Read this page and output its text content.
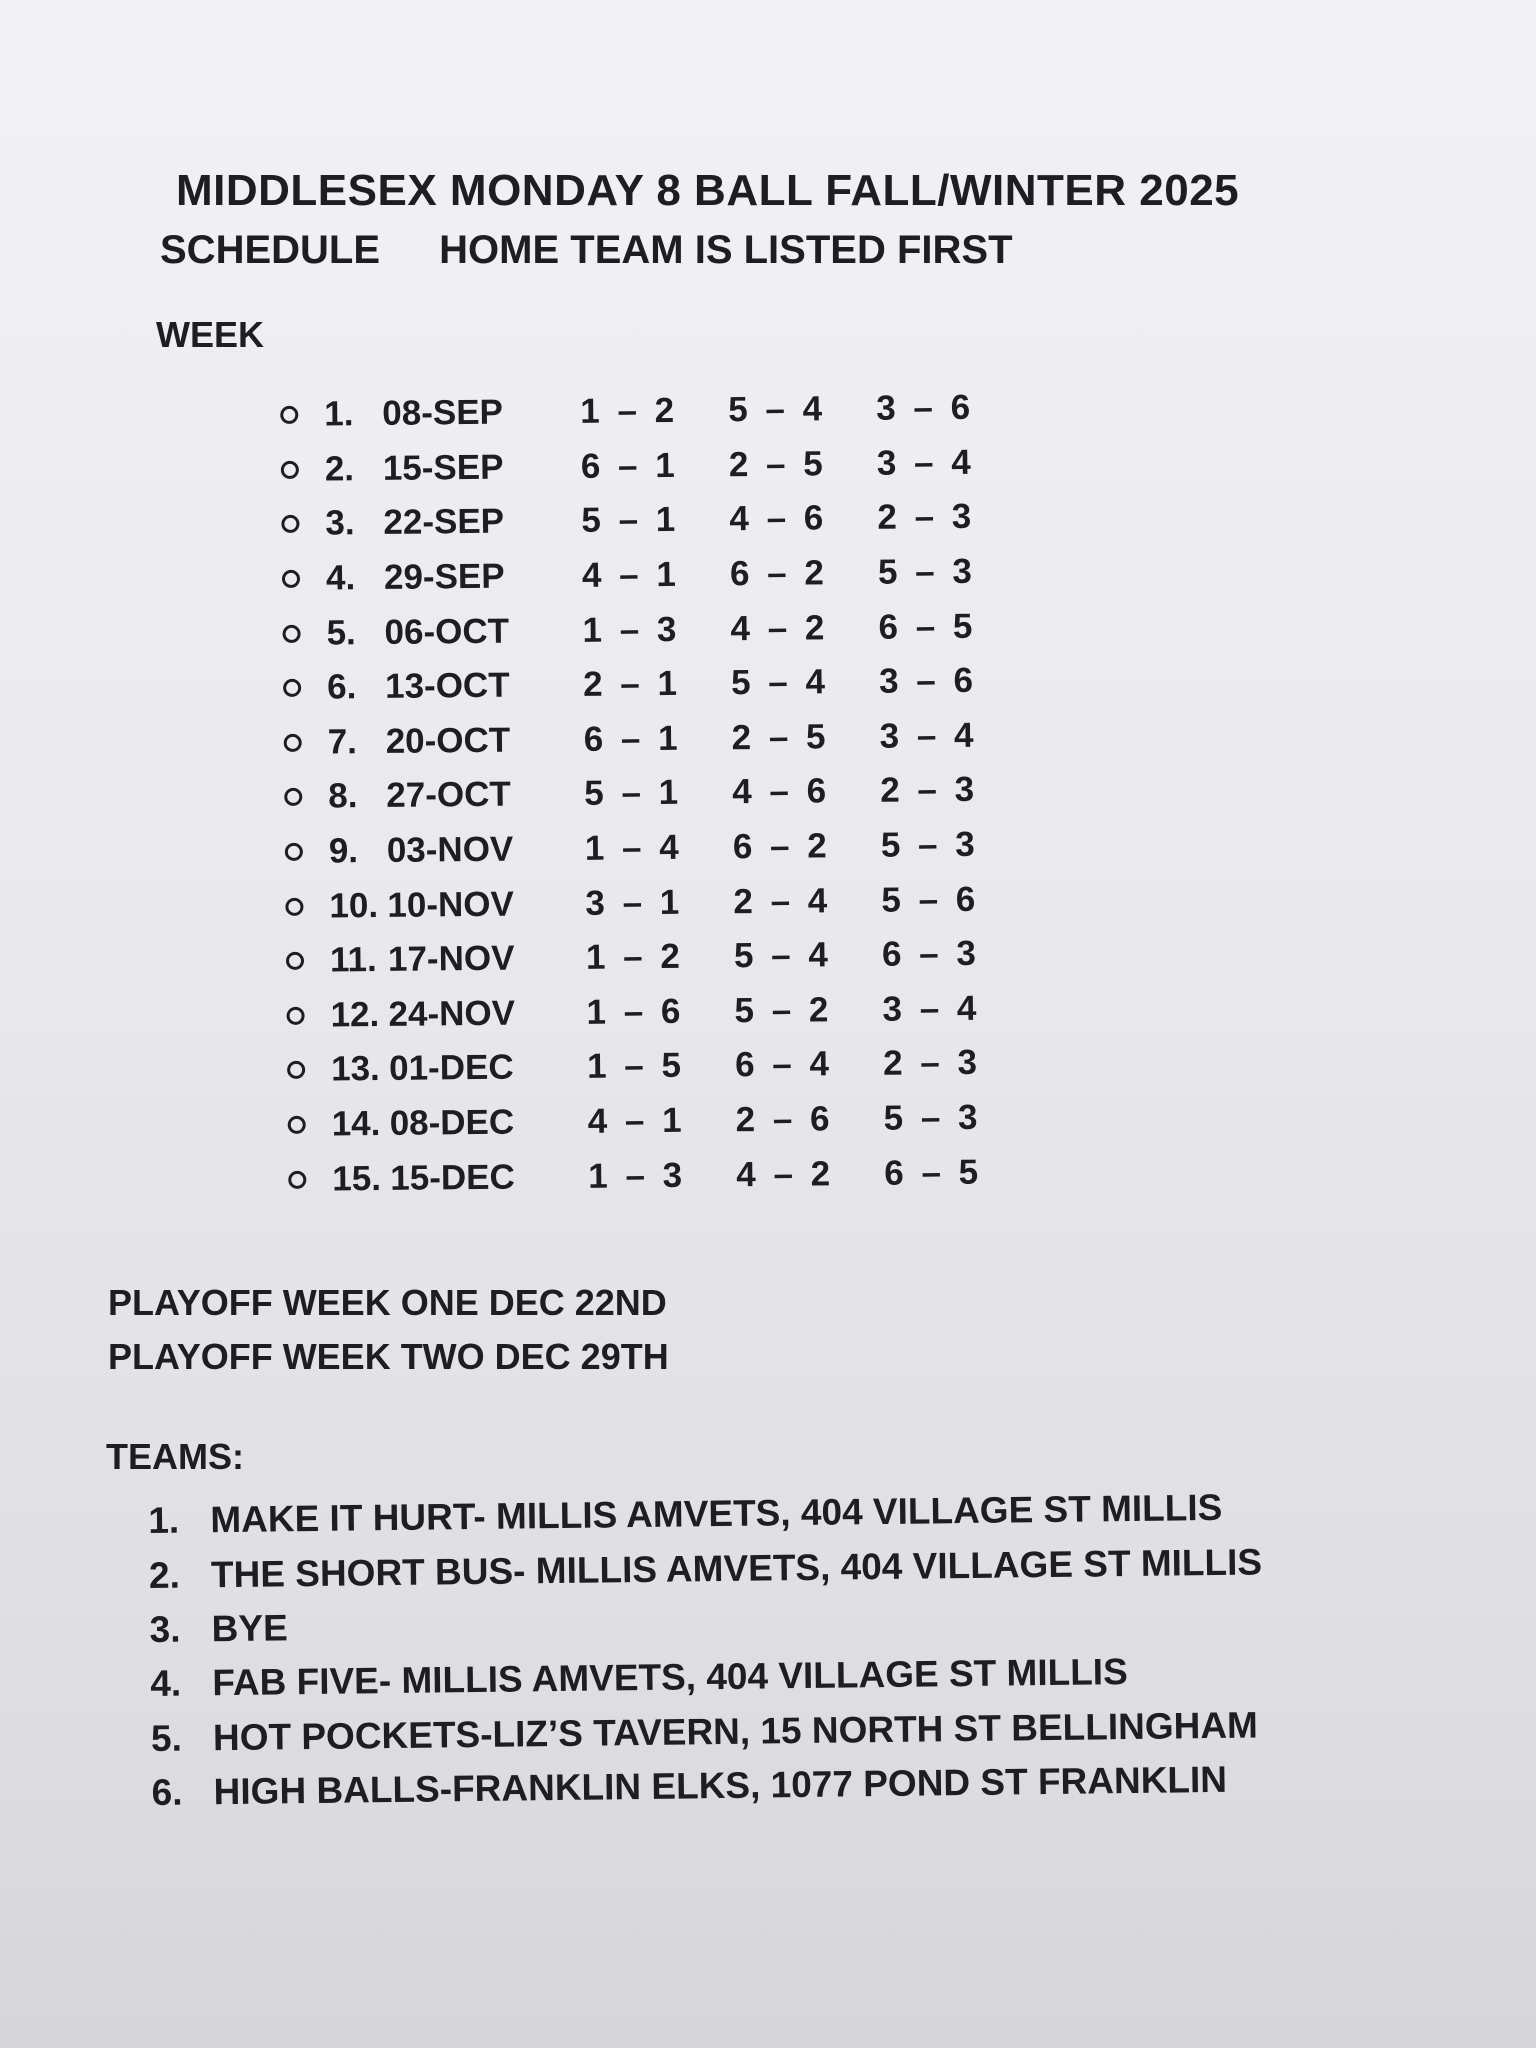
MIDDLESEX MONDAY 8 BALL FALL/WINTER 2025
SCHEDULE HOME TEAM IS LISTED FIRST
WEEK
1. 08-SEP	1 – 2	5 – 4	3 – 6
2. 15-SEP	6 – 1	2 – 5	3 – 4
3. 22-SEP	5 – 1	4 – 6	2 – 3
4. 29-SEP	4 – 1	6 – 2	5 – 3
5. 06-OCT	1 – 3	4 – 2	6 – 5
6. 13-OCT	2 – 1	5 – 4	3 – 6
7. 20-OCT	6 – 1	2 – 5	3 – 4
8. 27-OCT	5 – 1	4 – 6	2 – 3
9. 03-NOV	1 – 4	6 – 2	5 – 3
10. 10-NOV	3 – 1	2 – 4	5 – 6
11. 17-NOV	1 – 2	5 – 4	6 – 3
12. 24-NOV	1 – 6	5 – 2	3 – 4
13. 01-DEC	1 – 5	6 – 4	2 – 3
14. 08-DEC	4 – 1	2 – 6	5 – 3
15. 15-DEC	1 – 3	4 – 2	6 – 5
PLAYOFF WEEK ONE DEC 22ND
PLAYOFF WEEK TWO DEC 29TH
TEAMS:
1. MAKE IT HURT- MILLIS AMVETS, 404 VILLAGE ST MILLIS
2. THE SHORT BUS- MILLIS AMVETS, 404 VILLAGE ST MILLIS
3. BYE
4. FAB FIVE- MILLIS AMVETS, 404 VILLAGE ST MILLIS
5. HOT POCKETS-LIZ’S TAVERN, 15 NORTH ST BELLINGHAM
6. HIGH BALLS-FRANKLIN ELKS, 1077 POND ST FRANKLIN
